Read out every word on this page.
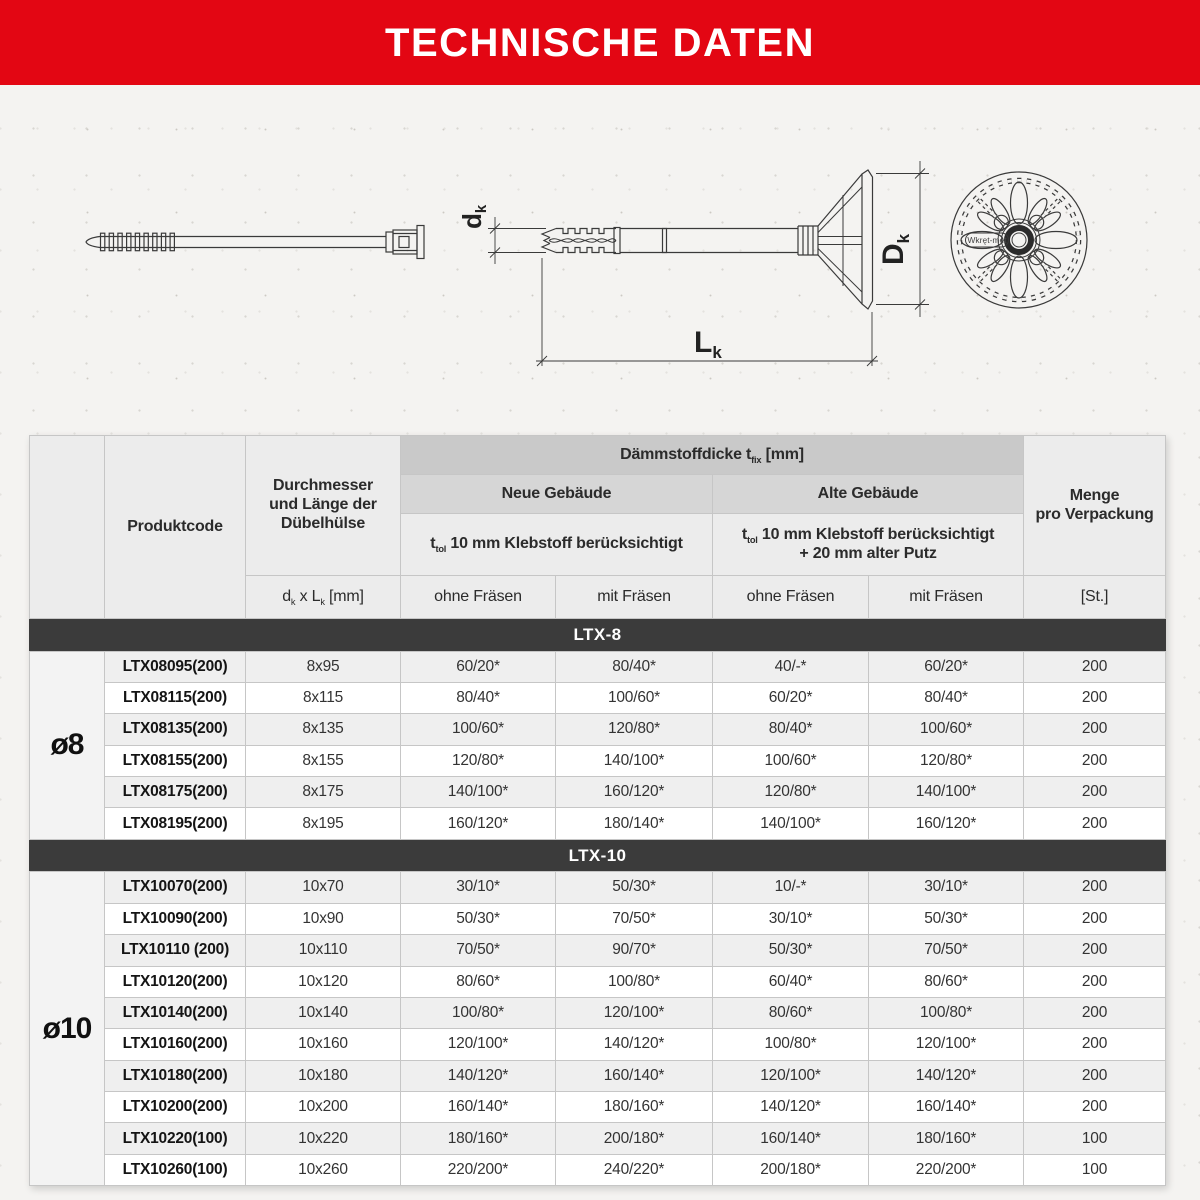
TECHNISCHE DATEN
dk
$D_k$
$L_k$
Wkręt-met
	Produktcode	Durchmesser
und Länge der
Dübelhülse	Dämmstoffdicke $t_{fix}$ [mm]				Menge
pro Verpackung

			Neue Gebäude		Alte Gebäude		
			$t_{tol}$ 10 mm Klebstoff berücksichtigt		$t_{tol}$ 10 mm Klebstoff berücksichtigt
+ 20 mm alter Putz		

		$d_k$ x $L_k$ [mm]	ohne Fräsen	mit Fräsen	ohne Fräsen	mit Fräsen	[St.]
LTX-8							
ø8	LTX08095(200)	8x95	60/20*	80/40*	40/-*	60/20*	200
	LTX08115(200)	8x115	80/40*	100/60*	60/20*	80/40*	200
	LTX08135(200)	8x135	100/60*	120/80*	80/40*	100/60*	200
	LTX08155(200)	8x155	120/80*	140/100*	100/60*	120/80*	200
	LTX08175(200)	8x175	140/100*	160/120*	120/80*	140/100*	200
	LTX08195(200)	8x195	160/120*	180/140*	140/100*	160/120*	200
LTX-10							
ø10	LTX10070(200)	10x70	30/10*	50/30*	10/-*	30/10*	200
	LTX10090(200)	10x90	50/30*	70/50*	30/10*	50/30*	200
	LTX10110 (200)	10x110	70/50*	90/70*	50/30*	70/50*	200
	LTX10120(200)	10x120	80/60*	100/80*	60/40*	80/60*	200
	LTX10140(200)	10x140	100/80*	120/100*	80/60*	100/80*	200
	LTX10160(200)	10x160	120/100*	140/120*	100/80*	120/100*	200
	LTX10180(200)	10x180	140/120*	160/140*	120/100*	140/120*	200
	LTX10200(200)	10x200	160/140*	180/160*	140/120*	160/140*	200
	LTX10220(100)	10x220	180/160*	200/180*	160/140*	180/160*	100
	LTX10260(100)	10x260	220/200*	240/220*	200/180*	220/200*	100
